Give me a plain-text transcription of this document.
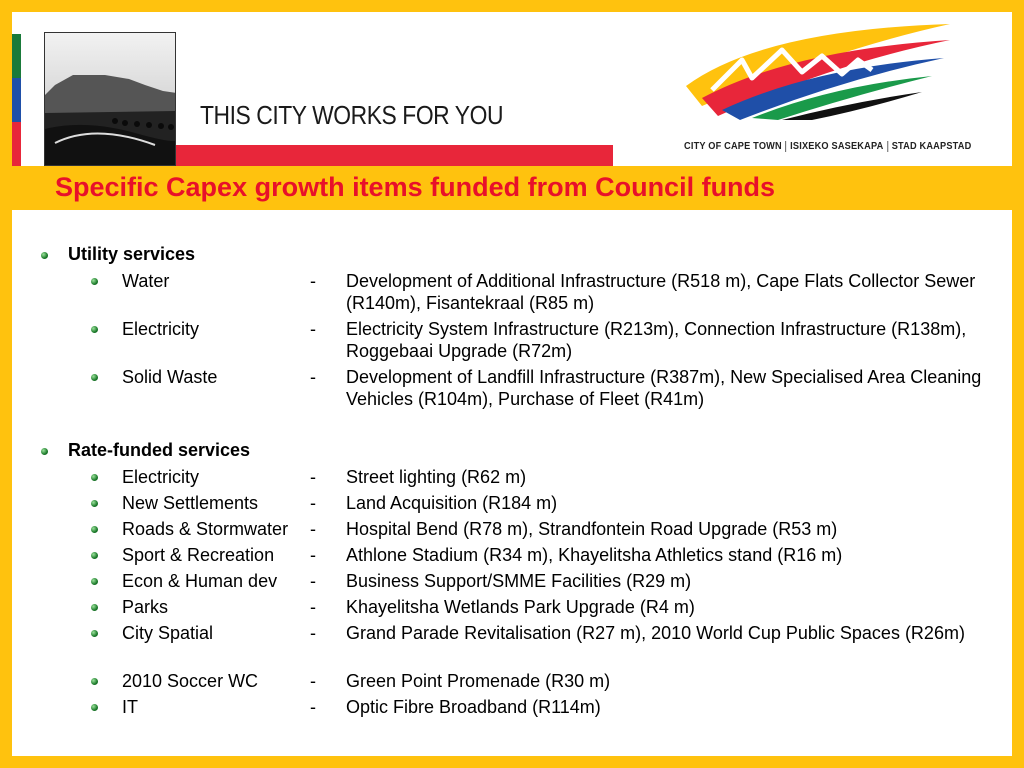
THIS CITY WORKS FOR YOU
CITY OF CAPE TOWN ISIXEKO SASEKAPA STAD KAAPSTAD
Specific Capex growth items funded from Council funds
Utility services
Water	- Development of Additional Infrastructure (R518 m), Cape Flats Collector Sewer (R140m), Fisantekraal (R85 m)
Electricity	- Electricity System Infrastructure (R213m), Connection Infrastructure (R138m), Roggebaai Upgrade (R72m)
Solid Waste	- Development of Landfill Infrastructure (R387m), New Specialised Area Cleaning Vehicles (R104m), Purchase of Fleet (R41m)
Rate-funded services
Electricity	- Street lighting (R62 m)
New Settlements	- Land Acquisition (R184 m)
Roads & Stormwater - Hospital Bend (R78 m), Strandfontein Road Upgrade (R53 m)
Sport & Recreation - Athlone Stadium (R34 m), Khayelitsha Athletics stand (R16 m)
Econ & Human dev - Business Support/SMME Facilities (R29 m)
Parks	- Khayelitsha Wetlands Park Upgrade (R4 m)
City Spatial	- Grand Parade Revitalisation (R27 m), 2010 World Cup Public Spaces (R26m)
2010 Soccer WC	- Green Point Promenade (R30 m)
IT	- Optic Fibre Broadband (R114m)
